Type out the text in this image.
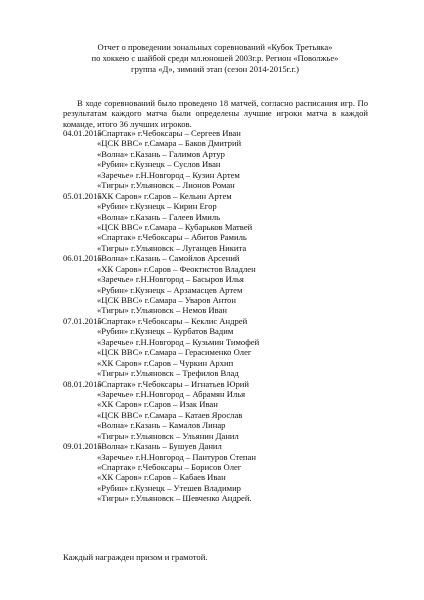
Отчет о проведении зональных соревнований «Кубок Третьяка»
по хоккею с шайбой среди мл.юношей 2003г.р. Регион «Поволжье»
группа «Д», зимний этап (сезон 2014-2015г.г.)
В ходе соревнований было проведено 18 матчей, согласно расписания игр. По результатам каждого матча были определены лучшие игроки матча в каждой команде, итого 36 лучших игроков.
04.01.2015
«Спартак» г.Чебоксары – Сергеев Иван
«ЦСК ВВС» г.Самара – Баков Дмитрий
«Волна» г.Казань – Галимов Артур
«Рубин» г.Кузнецк – Суслов Иван
«Заречье» г.Н.Новгород – Кузин Артем
«Тигры» г.Ульяновск – Лионов Роман
05.01.2015
«ХК Саров» г.Саров – Кельин Артем
«Рубин» г.Кузнецк – Кирин Егор
«Волна» г.Казань – Галеев Имиль
«ЦСК ВВС» г.Самара – Кубарьков Матвей
«Спартак» г.Чебоксары – Абитов Рамиль
«Тигры» г.Ульяновск – Луганцев Никита
06.01.2015
«Волна» г.Казань – Самойлов Арсений
«ХК Саров» г.Саров – Феоктистов Владлен
«Заречье» г.Н.Новгород – Басыров Илья
«Рубин» г.Кузнецк – Арзамасцев Артем
«ЦСК ВВС» г.Самара – Уваров Антон
«Тигры» г.Ульяновск – Немов Иван
07.01.2015
«Спартак» г.Чебоксары – Кеклис Андрей
«Рубин» г.Кузнецк – Курбатов Вадим
«Заречье» г.Н.Новгород – Кузьмин Тимофей
«ЦСК ВВС» г.Самара – Герасименко Олег
«ХК Саров» г.Саров – Чуркин Архип
«Тигры» г.Ульяновск – Трефилов Влад
08.01.2015
«Спартак» г.Чебоксары – Игнатьев Юрий
«Заречье» г.Н.Новгород – Абрамян Илья
«ХК Саров» г.Саров – Изак Иван
«ЦСК ВВС» г.Самара – Катаев Ярослав
«Волна» г.Казань – Камалов Линар
«Тигры» г.Ульяновск – Ульянин Данил
09.01.2015
«Волна» г.Казань – Бушуев Данил
«Заречье» г.Н.Новгород – Пантуров Степан
«Спартак» г.Чебоксары – Борисов Олег
«ХК Саров» г.Саров – Кабаев Иван
«Рубин» г.Кузнецк – Утешев Владимир
«Тигры» г.Ульяновск – Шевченко Андрей.
Каждый награжден призом и грамотой.
